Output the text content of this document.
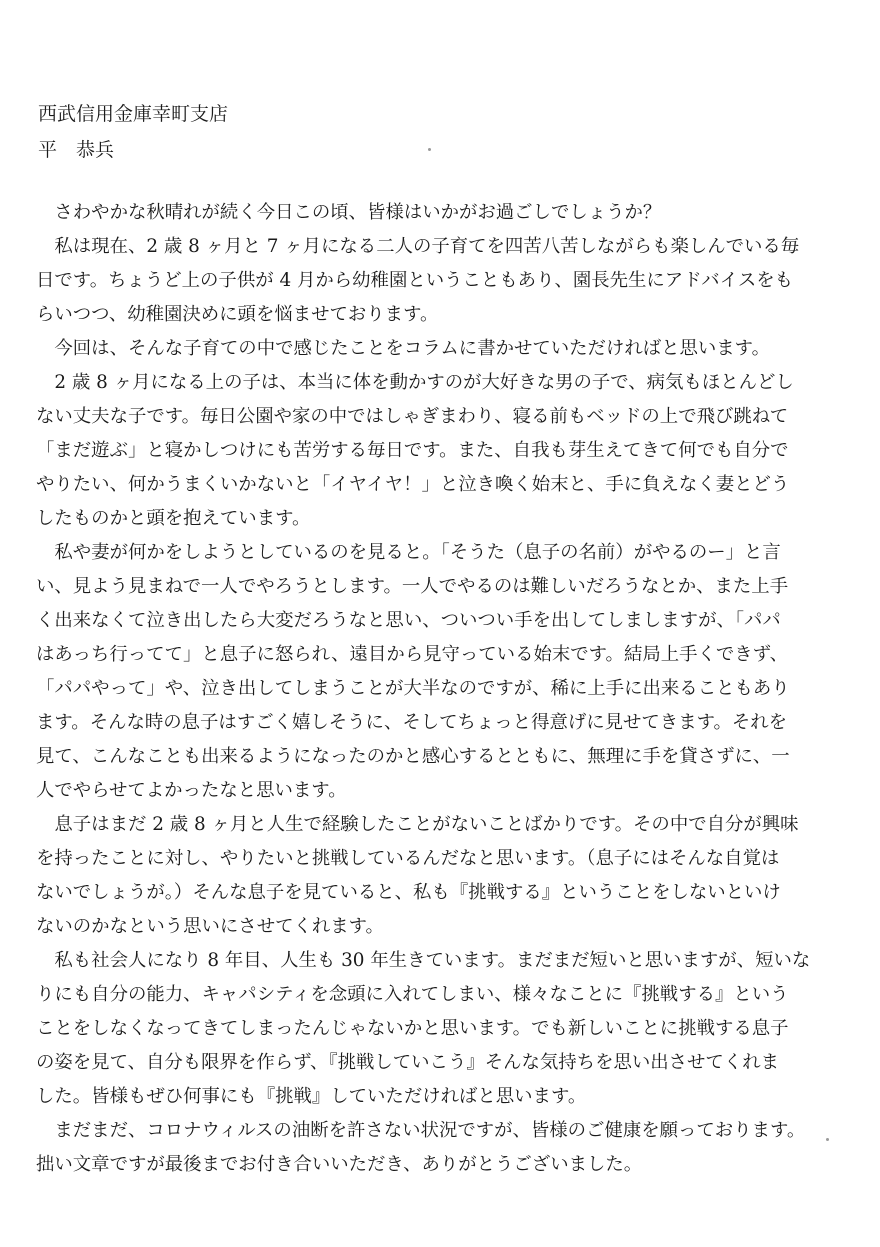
西武信用金庫幸町支店
平　恭兵

　さわやかな秋晴れが続く今日この頃、皆様はいかがお過ごしでしょうか？

　私は現在、2 歳 8 ヶ月と 7 ヶ月になる二人の子育てを四苦八苦しながらも楽しんでいる毎
日です。ちょうど上の子供が 4 月から幼稚園ということもあり、園長先生にアドバイスをも
らいつつ、幼稚園決めに頭を悩ませております。

　今回は、そんな子育ての中で感じたことをコラムに書かせていただければと思います。

　2 歳 8 ヶ月になる上の子は、本当に体を動かすのが大好きな男の子で、病気もほとんどし
ない丈夫な子です。毎日公園や家の中ではしゃぎまわり、寝る前もベッドの上で飛び跳ねて
「まだ遊ぶ」と寝かしつけにも苦労する毎日です。また、自我も芽生えてきて何でも自分で
やりたい、何かうまくいかないと「イヤイヤ！」と泣き喚く始末と、手に負えなく妻とどう
したものかと頭を抱えています。

　私や妻が何かをしようとしているのを見ると。「そうた（息子の名前）がやるのー」と言
い、見よう見まねで一人でやろうとします。一人でやるのは難しいだろうなとか、また上手
く出来なくて泣き出したら大変だろうなと思い、ついつい手を出してしましますが、「パパ
はあっち行ってて」と息子に怒られ、遠目から見守っている始末です。結局上手くできず、
「パパやって」や、泣き出してしまうことが大半なのですが、稀に上手に出来ることもあり
ます。そんな時の息子はすごく嬉しそうに、そしてちょっと得意げに見せてきます。それを
見て、こんなことも出来るようになったのかと感心するとともに、無理に手を貸さずに、一
人でやらせてよかったなと思います。

　息子はまだ 2 歳 8 ヶ月と人生で経験したことがないことばかりです。その中で自分が興味
を持ったことに対し、やりたいと挑戦しているんだなと思います。（息子にはそんな自覚は
ないでしょうが。）そんな息子を見ていると、私も『挑戦する』ということをしないといけ
ないのかなという思いにさせてくれます。

　私も社会人になり 8 年目、人生も 30 年生きています。まだまだ短いと思いますが、短いな
りにも自分の能力、キャパシティを念頭に入れてしまい、様々なことに『挑戦する』という
ことをしなくなってきてしまったんじゃないかと思います。でも新しいことに挑戦する息子
の姿を見て、自分も限界を作らず、『挑戦していこう』そんな気持ちを思い出させてくれま
した。皆様もぜひ何事にも『挑戦』していただければと思います。

　まだまだ、コロナウィルスの油断を許さない状況ですが、皆様のご健康を願っております。
拙い文章ですが最後までお付き合いいただき、ありがとうございました。
